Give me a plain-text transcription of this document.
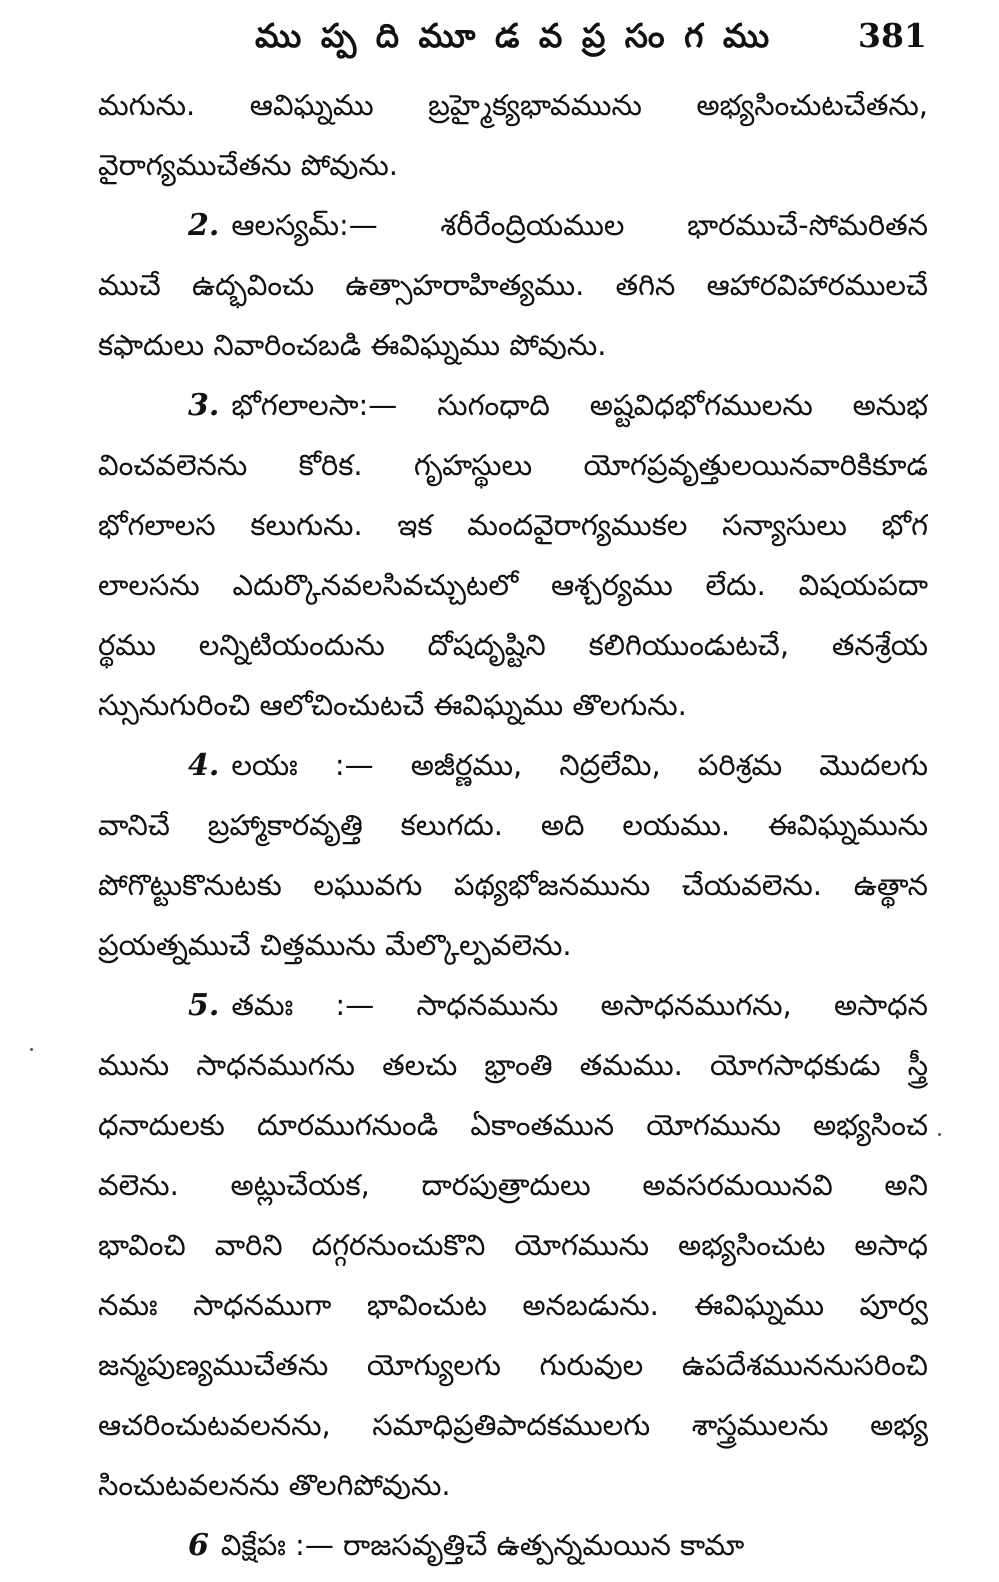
ము ప్ప ది మూ డ వ ప్ర సం గ ము	381
మగును. ఆవిఘ్నము బ్రహ్మైక్యభావమును అభ్యసించుటచేతను,
వైరాగ్యముచేతను పోవును.
2. ఆలస్యమ్:— శరీరేంద్రియముల భారముచే-సోమరితన
ముచే ఉద్భవించు ఉత్సాహరాహిత్యము. తగిన ఆహారవిహారములచే
కఫాదులు నివారించబడి ఈవిఘ్నము పోవును.
3. భోగలాలసా:— సుగంధాది అష్టవిధభోగములను అనుభ
వించవలెనను కోరిక. గృహస్థులు యోగప్రవృత్తులయినవారికికూడ
భోగలాలస కలుగును. ఇక మందవైరాగ్యముకల సన్యాసులు భోగ
లాలసను ఎదుర్కొనవలసివచ్చుటలో ఆశ్చర్యము లేదు. విషయపదా
ర్థము లన్నిటియందును దోషదృష్టిని కలిగియుండుటచే, తనశ్రేయ
స్సునుగురించి ఆలోచించుటచే ఈవిఘ్నము తొలగును.
4. లయః :— అజీర్ణము, నిద్రలేమి, పరిశ్రమ మొదలగు
వానిచే బ్రహ్మాకారవృత్తి కలుగదు. అది లయము. ఈవిఘ్నమును
పోగొట్టుకొనుటకు లఘువగు పథ్యభోజనమును చేయవలెను. ఉత్థాన
ప్రయత్నముచే చిత్తమును మేల్కొల్పవలెను.
5. తమః :— సాధనమును అసాధనముగను, అసాధన
మును సాధనముగను తలచు భ్రాంతి తమము. యోగసాధకుడు స్త్రీ
ధనాదులకు దూరముగనుండి ఏకాంతమున యోగమును అభ్యసించ
వలెను. అట్లుచేయక, దారపుత్రాదులు అవసరమయినవి అని
భావించి వారిని దగ్గరనుంచుకొని యోగమును అభ్యసించుట అసాధ
నమః సాధనముగా భావించుట అనబడును. ఈవిఘ్నము పూర్వ
జన్మపుణ్యముచేతను యోగ్యులగు గురువుల ఉపదేశముననుసరించి
ఆచరించుటవలనను, సమాధిప్రతిపాదకములగు శాస్త్రములను అభ్య
సించుటవలనను తొలగిపోవును.
6 విక్షేపః :— రాజసవృత్తిచే ఉత్పన్నమయిన కామా
